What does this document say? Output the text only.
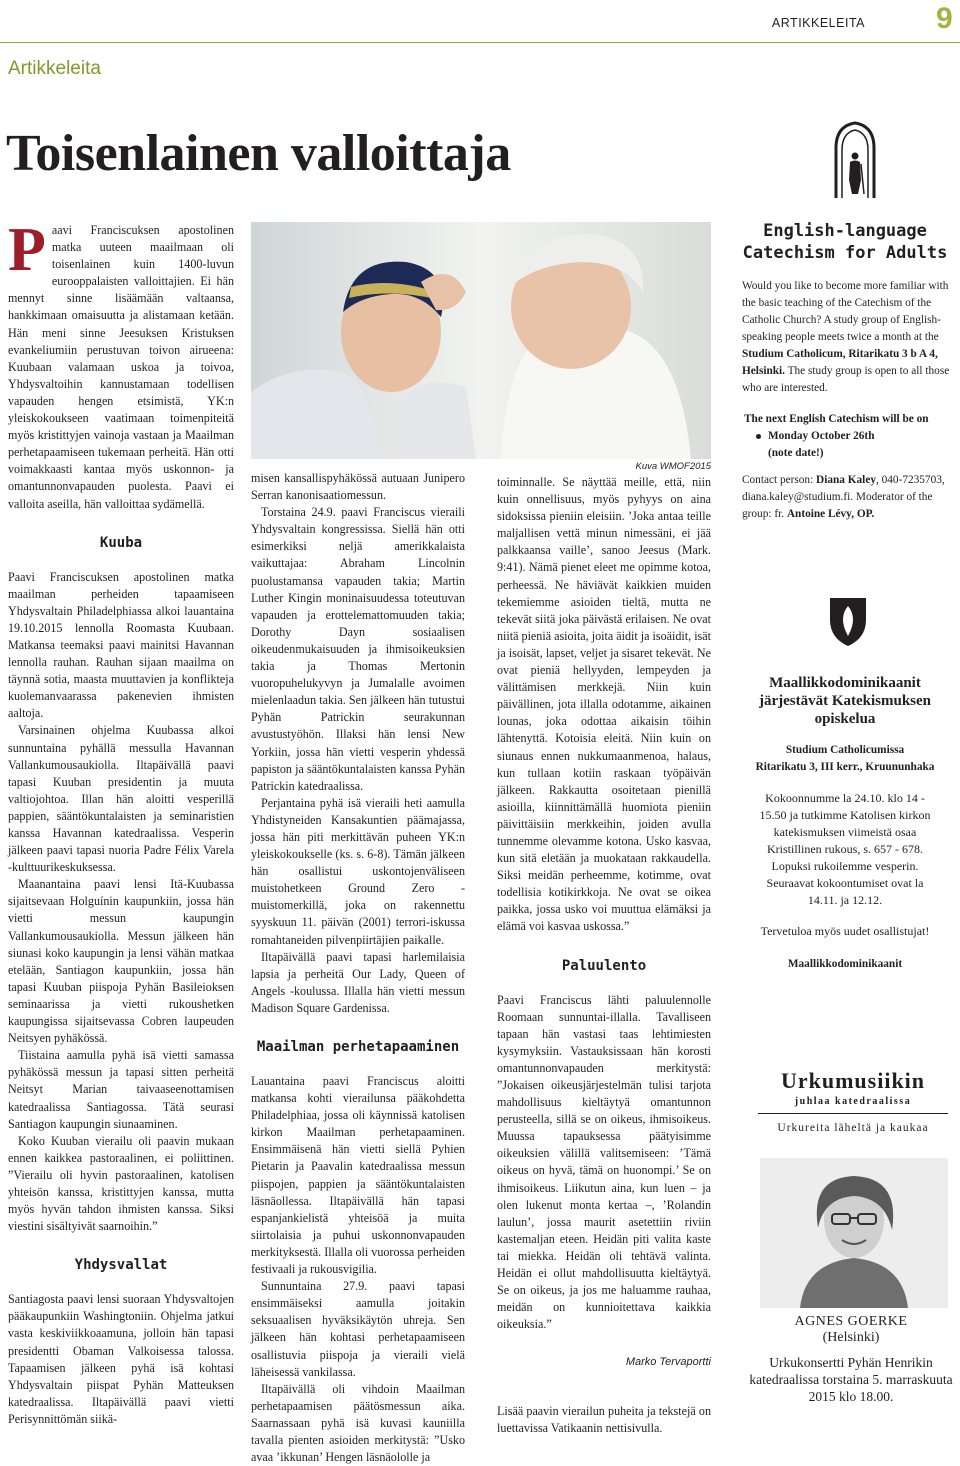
ARTIKKELEITA 9
Artikkeleita
Toisenlainen valloittaja
P aavi Franciscuksen apostolinen matka uuteen maailmaan oli toisenlainen kuin 1400-luvun eurooppalaisten valloittajien. Ei hän mennyt sinne lisäämään valtaansa, hankkimaan omaisuutta ja alistamaan ketään. Hän meni sinne Jeesuksen Kristuksen evankeliumiin perustuvan toivon airueena: Kuubaan valamaan uskoa ja toivoa, Yhdysvaltoihin kannustamaan todellisen vapauden hengen etsimistä, YK:n yleiskokoukseen vaatimaan toimenpiteitä myös kristittyjen vainoja vastaan ja Maailman perhetapaamiseen tukemaan perheitä. Hän otti voimakkaasti kantaa myös uskonnon- ja omantunnonvapauden puolesta. Paavi ei valloita aseilla, hän valloittaa sydämellä.

Kuuba

Paavi Franciscuksen apostolinen matka maailman perheiden tapaamiseen Yhdysvaltain Philadelphiassa alkoi lauantaina 19.10.2015 lennolla Roomasta Kuubaan. Matkansa teemaksi paavi mainitsi Havannan lennolla rauhan. Rauhan sijaan maailma on täynnä sotia, maasta muuttavien ja konflikteja kuolemanvaarassa pakenevien ihmisten aaltoja.

Varsinainen ohjelma Kuubassa alkoi sunnuntaina pyhällä messulla Havannan Vallankumousaukiolla. Iltapäivällä paavi tapasi Kuuban presidentin ja muuta valtiojohtoa. Illan hän aloitti vesperillä pappien, sääntökuntalaisten ja seminaristien kanssa Havannan katedraalissa. Vesperin jälkeen paavi tapasi nuoria Padre Félix Varela -kulttuurikeskuksessa.

Maanantaina paavi lensi Itä-Kuubassa sijaitsevaan Holguínin kaupunkiin, jossa hän vietti messun kaupungin Vallankumousaukiolla. Messun jälkeen hän siunasi koko kaupungin ja lensi vähän matkaa etelään, Santiagon kaupunkiin, jossa hän tapasi Kuuban piispoja Pyhän Basileioksen seminaarissa ja vietti rukoushetken kaupungissa sijaitsevassa Cobren laupeuden Neitsyen pyhäkössä.

Tiistaina aamulla pyhä isä vietti samassa pyhäkössä messun ja tapasi sitten perheitä Neitsyt Marian taivaaseenottamisen katedraalissa Santiagossa. Tätä seurasi Santiagon kaupungin siunaaminen.

Koko Kuuban vierailu oli paavin mukaan ennen kaikkea pastoraalinen, ei poliittinen. ”Vierailu oli hyvin pastoraalinen, katolisen yhteisön kanssa, kristittyjen kanssa, mutta myös hyvän tahdon ihmisten kanssa. Siksi viestini sisältyivät saarnoihin.”

Yhdysvallat

Santiagosta paavi lensi suoraan Yhdysvaltojen pääkaupunkiin Washingtoniin. Ohjelma jatkui vasta keskiviikkoaamuna, jolloin hän tapasi presidentti Obaman Valkoisessa talossa. Tapaamisen jälkeen pyhä isä kohtasi Yhdysvaltain piispat Pyhän Matteuksen katedraalissa. Iltapäivällä paavi vietti Perisynnittömän siikä-

Kuva WMOF2015

misen kansallispyhäkössä autuaan Junipero Serran kanonisaatiomessun.

Torstaina 24.9. paavi Franciscus vieraili Yhdysvaltain kongressissa. Siellä hän otti esimerkiksi neljä amerikkalaista vaikuttajaa: Abraham Lincolnin puolustamansa vapauden takia; Martin Luther Kingin moninaisuudessa toteutuvan vapauden ja erottelemattomuuden takia; Dorothy Dayn sosiaalisen oikeudenmukaisuuden ja ihmisoikeuksien takia ja Thomas Mertonin vuoropuhelukyvyn ja Jumalalle avoimen mielenlaadun takia. Sen jälkeen hän tutustui Pyhän Patrickin seurakunnan avustustyöhön. Illaksi hän lensi New Yorkiin, jossa hän vietti vesperin yhdessä papiston ja sääntökuntalaisten kanssa Pyhän Patrickin katedraalissa.

Perjantaina pyhä isä vieraili heti aamulla Yhdistyneiden Kansakuntien päämajassa, jossa hän piti merkittävän puheen YK:n yleiskokoukselle (ks. s. 6-8). Tämän jälkeen hän osallistui uskontojenväliseen muistohetkeen Ground Zero -muistomerkillä, joka on rakennettu syyskuun 11. päivän (2001) terrori-iskussa romahtaneiden pilvenpiirtäjien paikalle.

Iltapäivällä paavi tapasi harlemilaisia lapsia ja perheitä Our Lady, Queen of Angels -koulussa. Illalla hän vietti messun Madison Square Gardenissa.

Maailman perhetapaaminen

Lauantaina paavi Franciscus aloitti matkansa kohti vierailunsa pääkohdetta Philadelphiaa, jossa oli käynnissä katolisen kirkon Maailman perhetapaaminen. Ensimmäisenä hän vietti siellä Pyhien Pietarin ja Paavalin katedraalissa messun piispojen, pappien ja sääntökuntalaisten läsnäollessa. Iltapäivällä hän tapasi espanjankielistä yhteisöä ja muita siirtolaisia ja puhui uskonnonvapauden merkityksestä. Illalla oli vuorossa perheiden festivaali ja rukousvigilia.

Sunnuntaina 27.9. paavi tapasi ensimmäiseksi aamulla joitakin seksuaalisen hyväksikäytön uhreja. Sen jälkeen hän kohtasi perhetapaamiseen osallistuvia piispoja ja vieraili vielä läheisessä vankilassa.

Iltapäivällä oli vihdoin Maailman perhetapaamisen päätösmessun aika. Saarnassaan pyhä isä kuvasi kauniilla tavalla pienten asioiden merkitystä: ”Usko avaa ’ikkunan’ Hengen läsnäololle ja

toiminnalle. Se näyttää meille, että, niin kuin onnellisuus, myös pyhyys on aina sidoksissa pieniin eleisiin. ’Joka antaa teille maljallisen vettä minun nimessäni, ei jää palkkaansa vaille’, sanoo Jeesus (Mark. 9:41). Nämä pienet eleet me opimme kotoa, perheessä. Ne häviävät kaikkien muiden tekemiemme asioiden tieltä, mutta ne tekevät siitä joka päivästä erilaisen. Ne ovat niitä pieniä asioita, joita äidit ja isoäidit, isät ja isoisät, lapset, veljet ja sisaret tekevät. Ne ovat pieniä hellyyden, lempeyden ja välittämisen merkkejä. Niin kuin päivällinen, jota illalla odotamme, aikainen lounas, joka odottaa aikaisin töihin lähtenyttä. Kotoisia eleitä. Niin kuin on siunaus ennen nukkumaanmenoa, halaus, kun tullaan kotiin raskaan työpäivän jälkeen. Rakkautta osoitetaan pienillä asioilla, kiinnittämällä huomiota pieniin päivittäisiin merkkeihin, joiden avulla tunnemme olevamme kotona. Usko kasvaa, kun sitä eletään ja muokataan rakkaudella. Siksi meidän perheemme, kotimme, ovat todellisia kotikirkkoja. Ne ovat se oikea paikka, jossa usko voi muuttua elämäksi ja elämä voi kasvaa uskossa.”

Paluulento

Paavi Franciscus lähti paluulennolle Roomaan sunnuntai-illalla. Tavalliseen tapaan hän vastasi taas lehtimiesten kysymyksiin. Vastauksissaan hän korosti omantunnonvapauden merkitystä: ”Jokaisen oikeusjärjestelmän tulisi tarjota mahdollisuus kieltäytyä omantunnon perusteella, sillä se on oikeus, ihmisoikeus. Muussa tapauksessa päätyisimme oikeuksien välillä valitsemiseen: ’Tämä oikeus on hyvä, tämä on huonompi.’ Se on ihmisoikeus. Liikutun aina, kun luen – ja olen lukenut monta kertaa –, ’Rolandin laulun’, jossa maurit asetettiin riviin kastemaljan eteen. Heidän piti valita kaste tai miekka. Heidän oli tehtävä valinta. Heidän ei ollut mahdollisuutta kieltäytyä. Se on oikeus, ja jos me haluamme rauhaa, meidän on kunnioitettava kaikkia oikeuksia.”

Marko Tervaportti

Lisää paavin vierailun puheita ja tekstejä on luettavissa Vatikaanin nettisivulla.

English-language
Catechism for Adults
Would you like to become more familiar with the basic teaching of the Catechism of the Catholic Church? A study group of English-speaking people meets twice a month at the Studium Catholicum, Ritarikatu 3 b A 4, Helsinki. The study group is open to all those who are interested.
The next English Catechism will be on
Monday October 26th
(note date!)
Contact person: Diana Kaley, 040-7235703, diana.kaley@studium.fi. Moderator of the group: fr. Antoine Lévy, OP.
Maallikkodominikaanit järjestävät Katekismuksen opiskelua
Studium Catholicumissa
Ritarikatu 3, III kerr., Kruununhaka
Kokoonnumme la 24.10. klo 14 - 15.50 ja tutkimme Katolisen kirkon katekismuksen viimeistä osaa Kristillinen rukous, s. 657 - 678. Lopuksi rukoilemme vesperin. Seuraavat kokoontumiset ovat la 14.11. ja 12.12.
Tervetuloa myös uudet osallistujat!
Maallikkodominikaanit
Urkumusiikin
juhlaa katedraalissa
Urkureita läheltä ja kaukaa
AGNES GOERKE
(Helsinki)
Urkukonsertti Pyhän Henrikin katedraalissa torstaina 5. marraskuuta 2015 klo 18.00.
